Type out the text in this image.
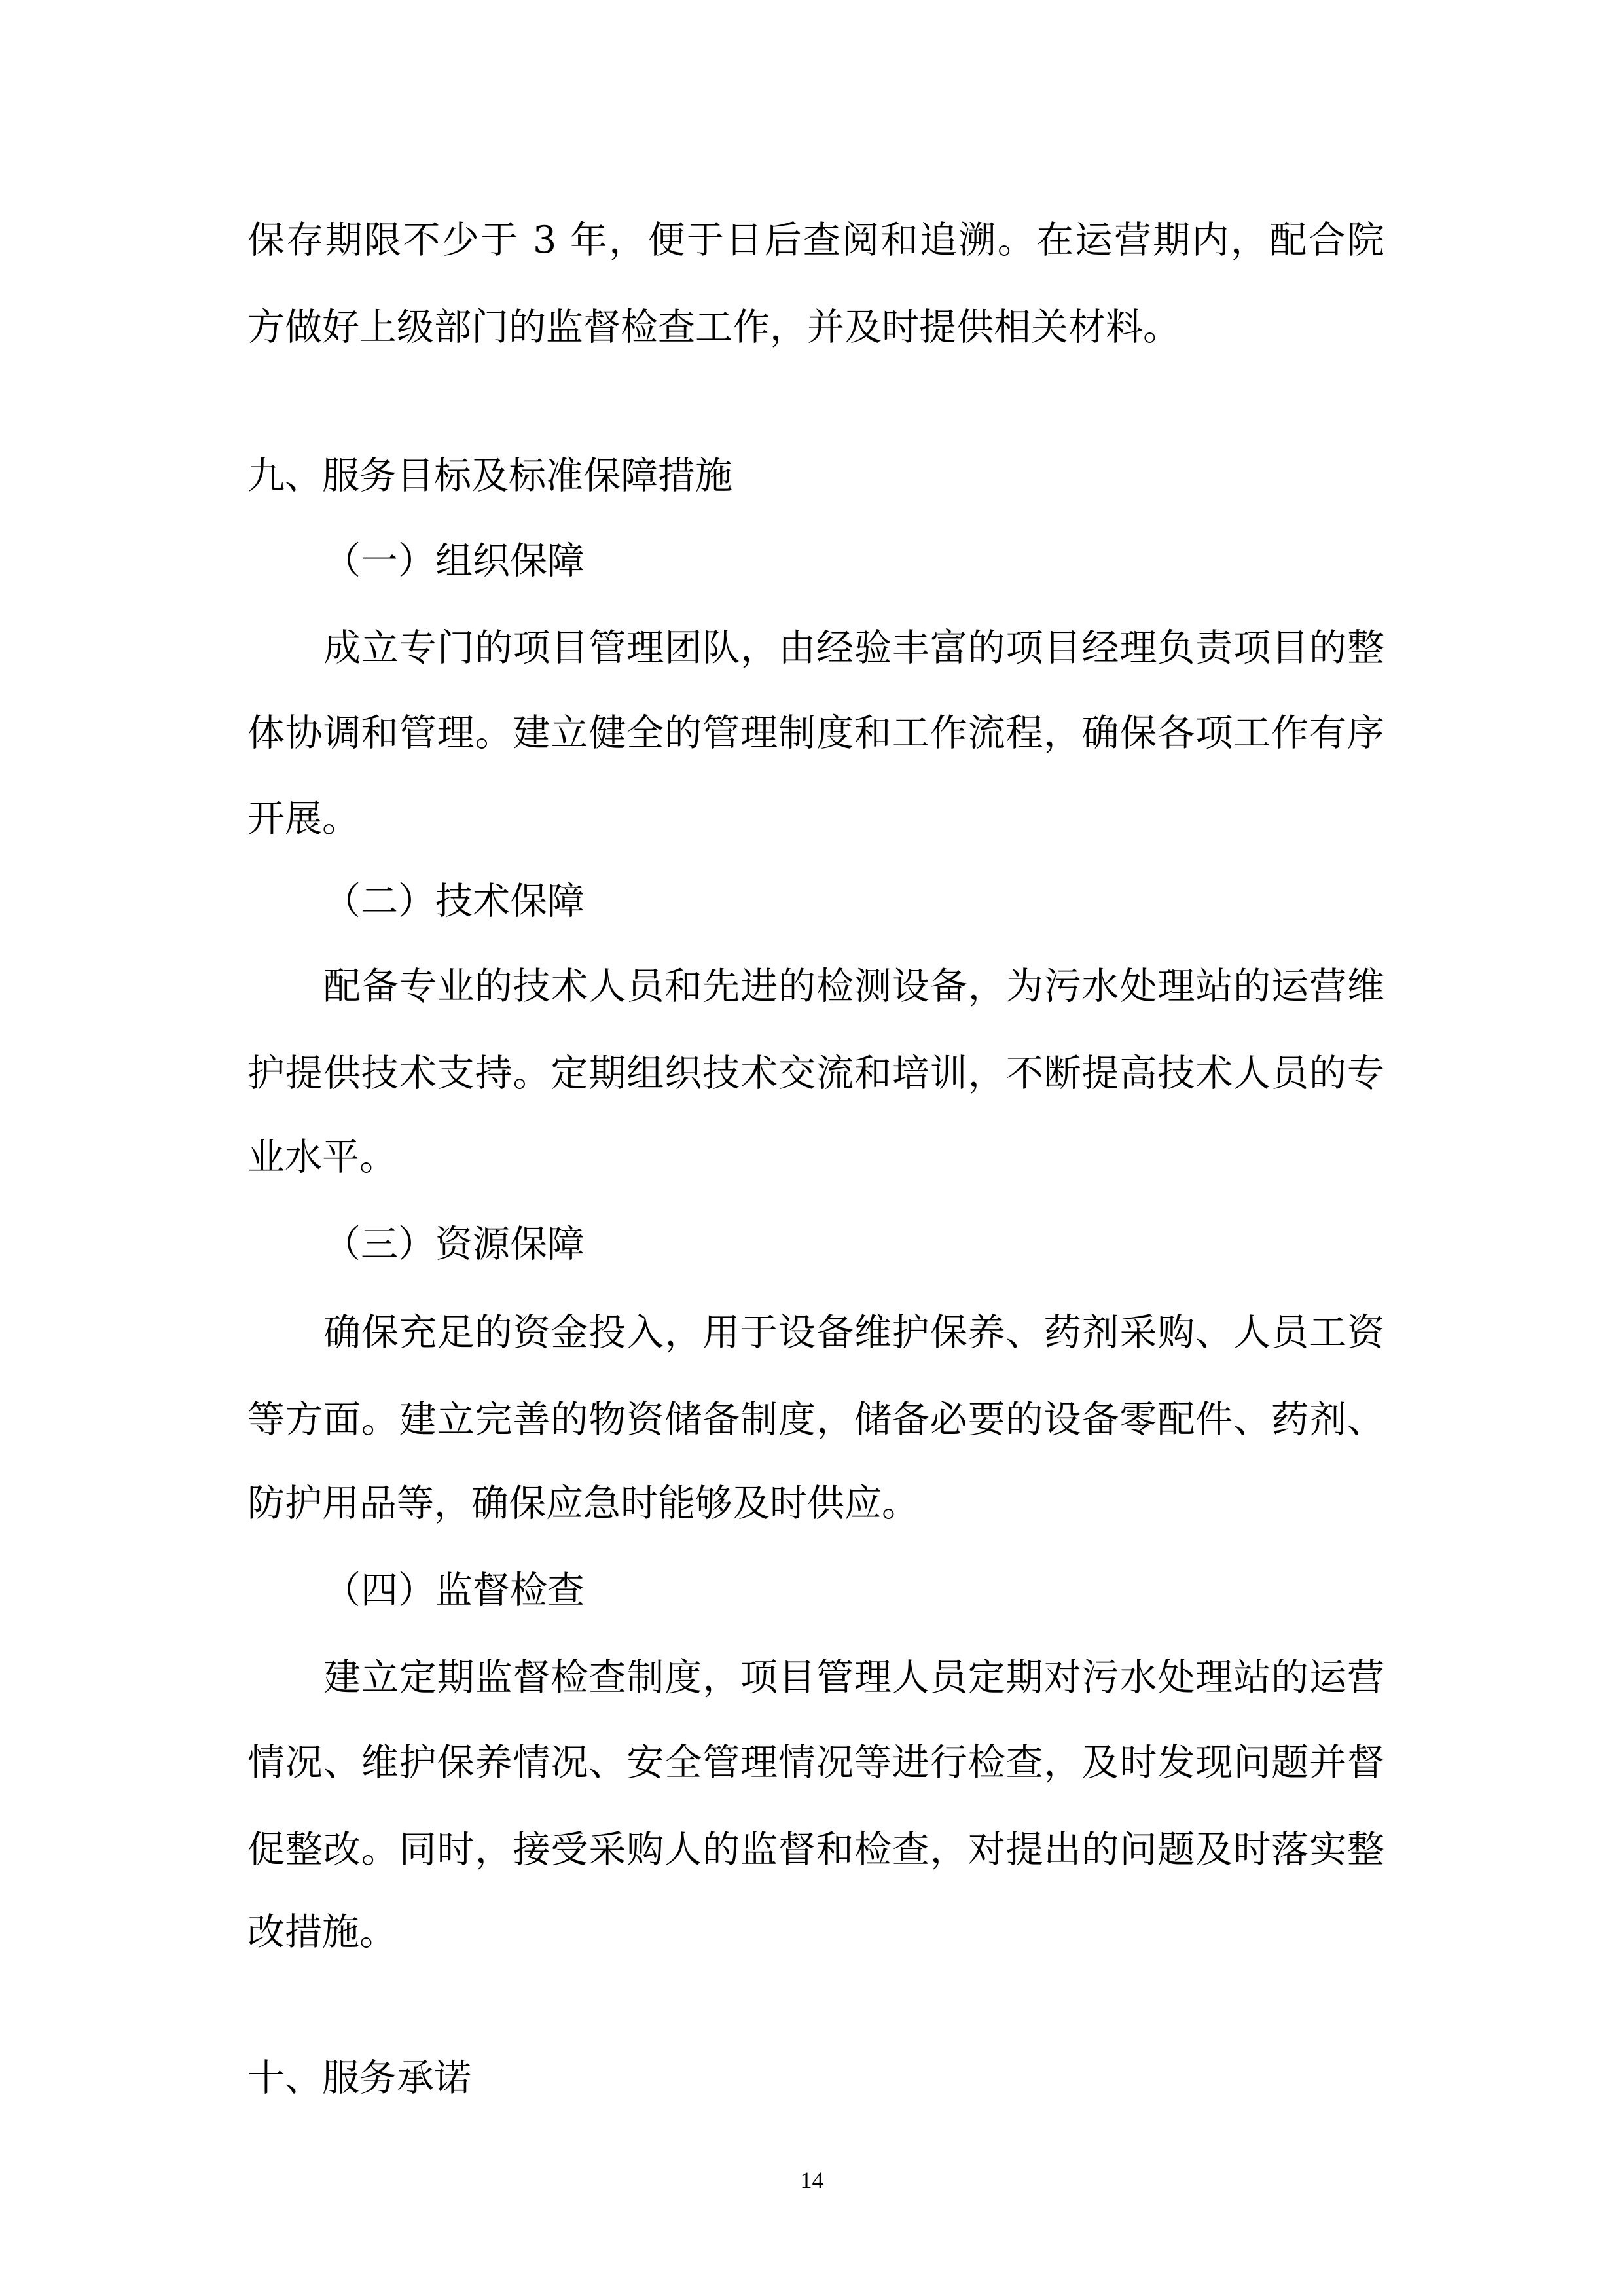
保存期限不少于 3 年，便于日后查阅和追溯。在运营期内，配合院
方做好上级部门的监督检查工作，并及时提供相关材料。
九、服务目标及标准保障措施
（一）组织保障
成立专门的项目管理团队，由经验丰富的项目经理负责项目的整
体协调和管理。建立健全的管理制度和工作流程，确保各项工作有序
开展。
（二）技术保障
配备专业的技术人员和先进的检测设备，为污水处理站的运营维
护提供技术支持。定期组织技术交流和培训，不断提高技术人员的专
业水平。
（三）资源保障
确保充足的资金投入，用于设备维护保养、药剂采购、人员工资
等方面。建立完善的物资储备制度，储备必要的设备零配件、药剂、
防护用品等，确保应急时能够及时供应。
（四）监督检查
建立定期监督检查制度，项目管理人员定期对污水处理站的运营
情况、维护保养情况、安全管理情况等进行检查，及时发现问题并督
促整改。同时，接受采购人的监督和检查，对提出的问题及时落实整
改措施。
十、服务承诺
14
